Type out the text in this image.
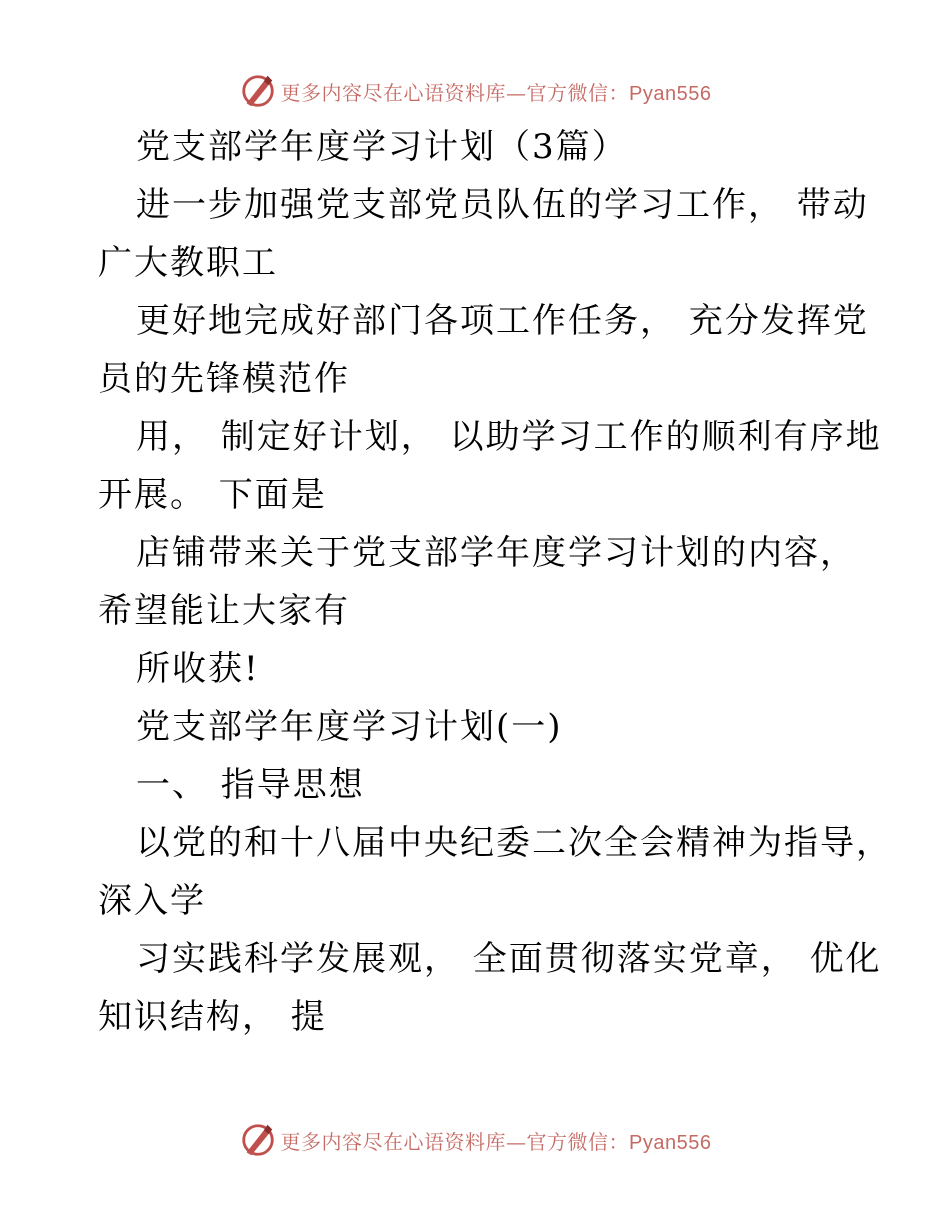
更多内容尽在心语资料库—官方微信：Pyan556
党支部学年度学习计划（3篇）
进一步加强党支部党员队伍的学习工作， 带动
广大教职工
更好地完成好部门各项工作任务， 充分发挥党
员的先锋模范作
用， 制定好计划， 以助学习工作的顺利有序地
开展。 下面是
店铺带来关于党支部学年度学习计划的内容，
希望能让大家有
所收获!
党支部学年度学习计划(一)
一、 指导思想
以党的和十八届中央纪委二次全会精神为指导，
深入学
习实践科学发展观， 全面贯彻落实党章， 优化
知识结构， 提
更多内容尽在心语资料库—官方微信：Pyan556
